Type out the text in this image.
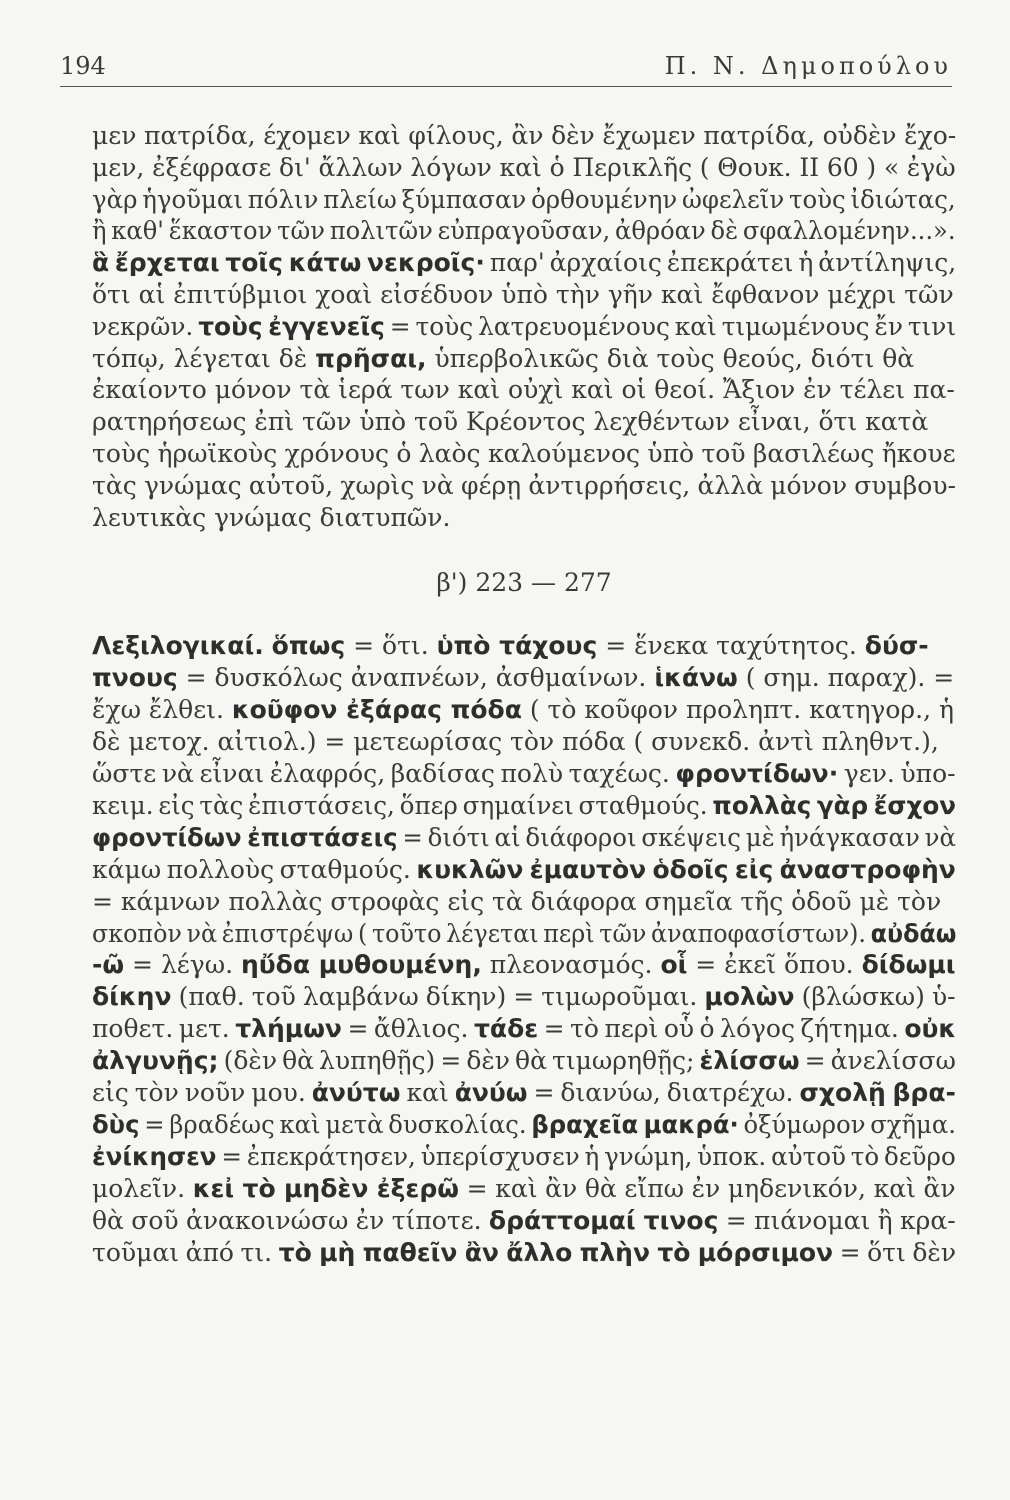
194	Π. Ν. Δημοπούλου

μεν πατρίδα, έχομεν καὶ φίλους, ἂν δὲν ἔχωμεν πατρίδα, οὐδὲν ἔχο-

μεν, ἐξέφρασε δι' ἄλλων λόγων καὶ ὁ Περικλῆς ( Θουκ. II 60 ) « ἐγὼ

γὰρ ἡγοῦμαι πόλιν πλείω ξύμπασαν ὀρθουμένην ὠφελεῖν τοὺς ἰδιώτας,

ἢ καθ' ἕκαστον τῶν πολιτῶν εὐπραγοῦσαν, ἀθρόαν δὲ σφαλλομένην...».

ἃ ἔρχεται τοῖς κάτω νεκροῖς· παρ' ἀρχαίοις ἐπεκράτει ἡ ἀντίληψις,

ὅτι αἱ ἐπιτύβμιοι χοαὶ εἰσέδυον ὑπὸ τὴν γῆν καὶ ἔφθανον μέχρι τῶν

νεκρῶν. τοὺς ἐγγενεῖς = τοὺς λατρευομένους καὶ τιμωμένους ἔν τινι

τόπῳ, λέγεται δὲ πρῆσαι, ὑπερβολικῶς διὰ τοὺς θεούς, διότι θὰ

ἐκαίοντο μόνον τὰ ἱερά των καὶ οὐχὶ καὶ οἱ θεοί. Ἄξιον ἐν τέλει πα-

ρατηρήσεως ἐπὶ τῶν ὑπὸ τοῦ Κρέοντος λεχθέντων εἶναι, ὅτι κατὰ

τοὺς ἡρωϊκοὺς χρόνους ὁ λαὸς καλούμενος ὑπὸ τοῦ βασιλέως ἤκουε

τὰς γνώμας αὐτοῦ, χωρὶς νὰ φέρῃ ἀντιρρήσεις, ἀλλὰ μόνον συμβου-

λευτικὰς γνώμας διατυπῶν.

β') 223 — 277

Λεξιλογικαί. ὅπως = ὅτι. ὑπὸ τάχους = ἕνεκα ταχύτητος. δύσ-

πνους = δυσκόλως ἀναπνέων, ἀσθμαίνων. ἱκάνω ( σημ. παραχ). =

ἔχω ἔλθει. κοῦφον ἐξάρας πόδα ( τὸ κοῦφον προληπτ. κατηγορ., ἡ

δὲ μετοχ. αἰτιολ.) = μετεωρίσας τὸν πόδα ( συνεκδ. ἀντὶ πληθντ.),

ὥστε νὰ εἶναι ἐλαφρός, βαδίσας πολὺ ταχέως. φροντίδων· γεν. ὑπο-

κειμ. εἰς τὰς ἐπιστάσεις, ὅπερ σημαίνει σταθμούς. πολλὰς γὰρ ἔσχον

φροντίδων ἐπιστάσεις = διότι αἱ διάφοροι σκέψεις μὲ ἠνάγκασαν νὰ

κάμω πολλοὺς σταθμούς. κυκλῶν ἐμαυτὸν ὁδοῖς εἰς ἀναστροφὴν

= κάμνων πολλὰς στροφὰς εἰς τὰ διάφορα σημεῖα τῆς ὁδοῦ μὲ τὸν

σκοπὸν νὰ ἐπιστρέψω ( τοῦτο λέγεται περὶ τῶν ἀναποφασίστων). αὐδάω

-ῶ = λέγω. ηὔδα μυθουμένη, πλεονασμός. οἷ = ἐκεῖ ὅπου. δίδωμι

δίκην (παθ. τοῦ λαμβάνω δίκην) = τιμωροῦμαι. μολὼν (βλώσκω) ὑ-

ποθετ. μετ. τλήμων = ἄθλιος. τάδε = τὸ περὶ οὗ ὁ λόγος ζήτημα. οὐκ

ἀλγυνῇς; (δὲν θὰ λυπηθῇς) = δὲν θὰ τιμωρηθῇς; ἑλίσσω = ἀνελίσσω

εἰς τὸν νοῦν μου. ἀνύτω καὶ ἀνύω = διανύω, διατρέχω. σχολῇ βρα-

δὺς = βραδέως καὶ μετὰ δυσκολίας. βραχεῖα μακρά· ὀξύμωρον σχῆμα.

ἐνίκησεν = ἐπεκράτησεν, ὑπερίσχυσεν ἡ γνώμη, ὑποκ. αὐτοῦ τὸ δεῦρο

μολεῖν. κεἰ τὸ μηδὲν ἐξερῶ = καὶ ἂν θὰ εἴπω ἐν μηδενικόν, καὶ ἂν

θὰ σοῦ ἀνακοινώσω ἐν τίποτε. δράττομαί τινος = πιάνομαι ἢ κρα-

τοῦμαι ἀπό τι. τὸ μὴ παθεῖν ἂν ἄλλο πλὴν τὸ μόρσιμον = ὅτι δὲν
